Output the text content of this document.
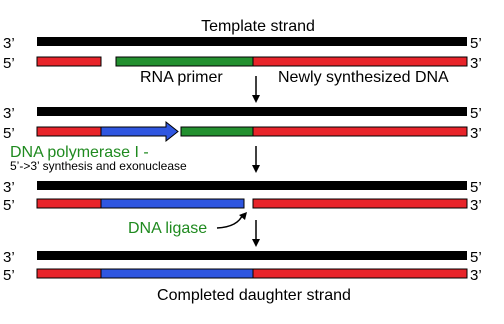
Template strand
3’	5’
5’	3’
RNA primer	Newly synthesized DNA
3’	5’
5’	3’
DNA polymerase I -
5’->3’ synthesis and exonuclease
3’	5’
5’	3’
DNA ligase
3’	5’
5’	3’
Completed daughter strand
